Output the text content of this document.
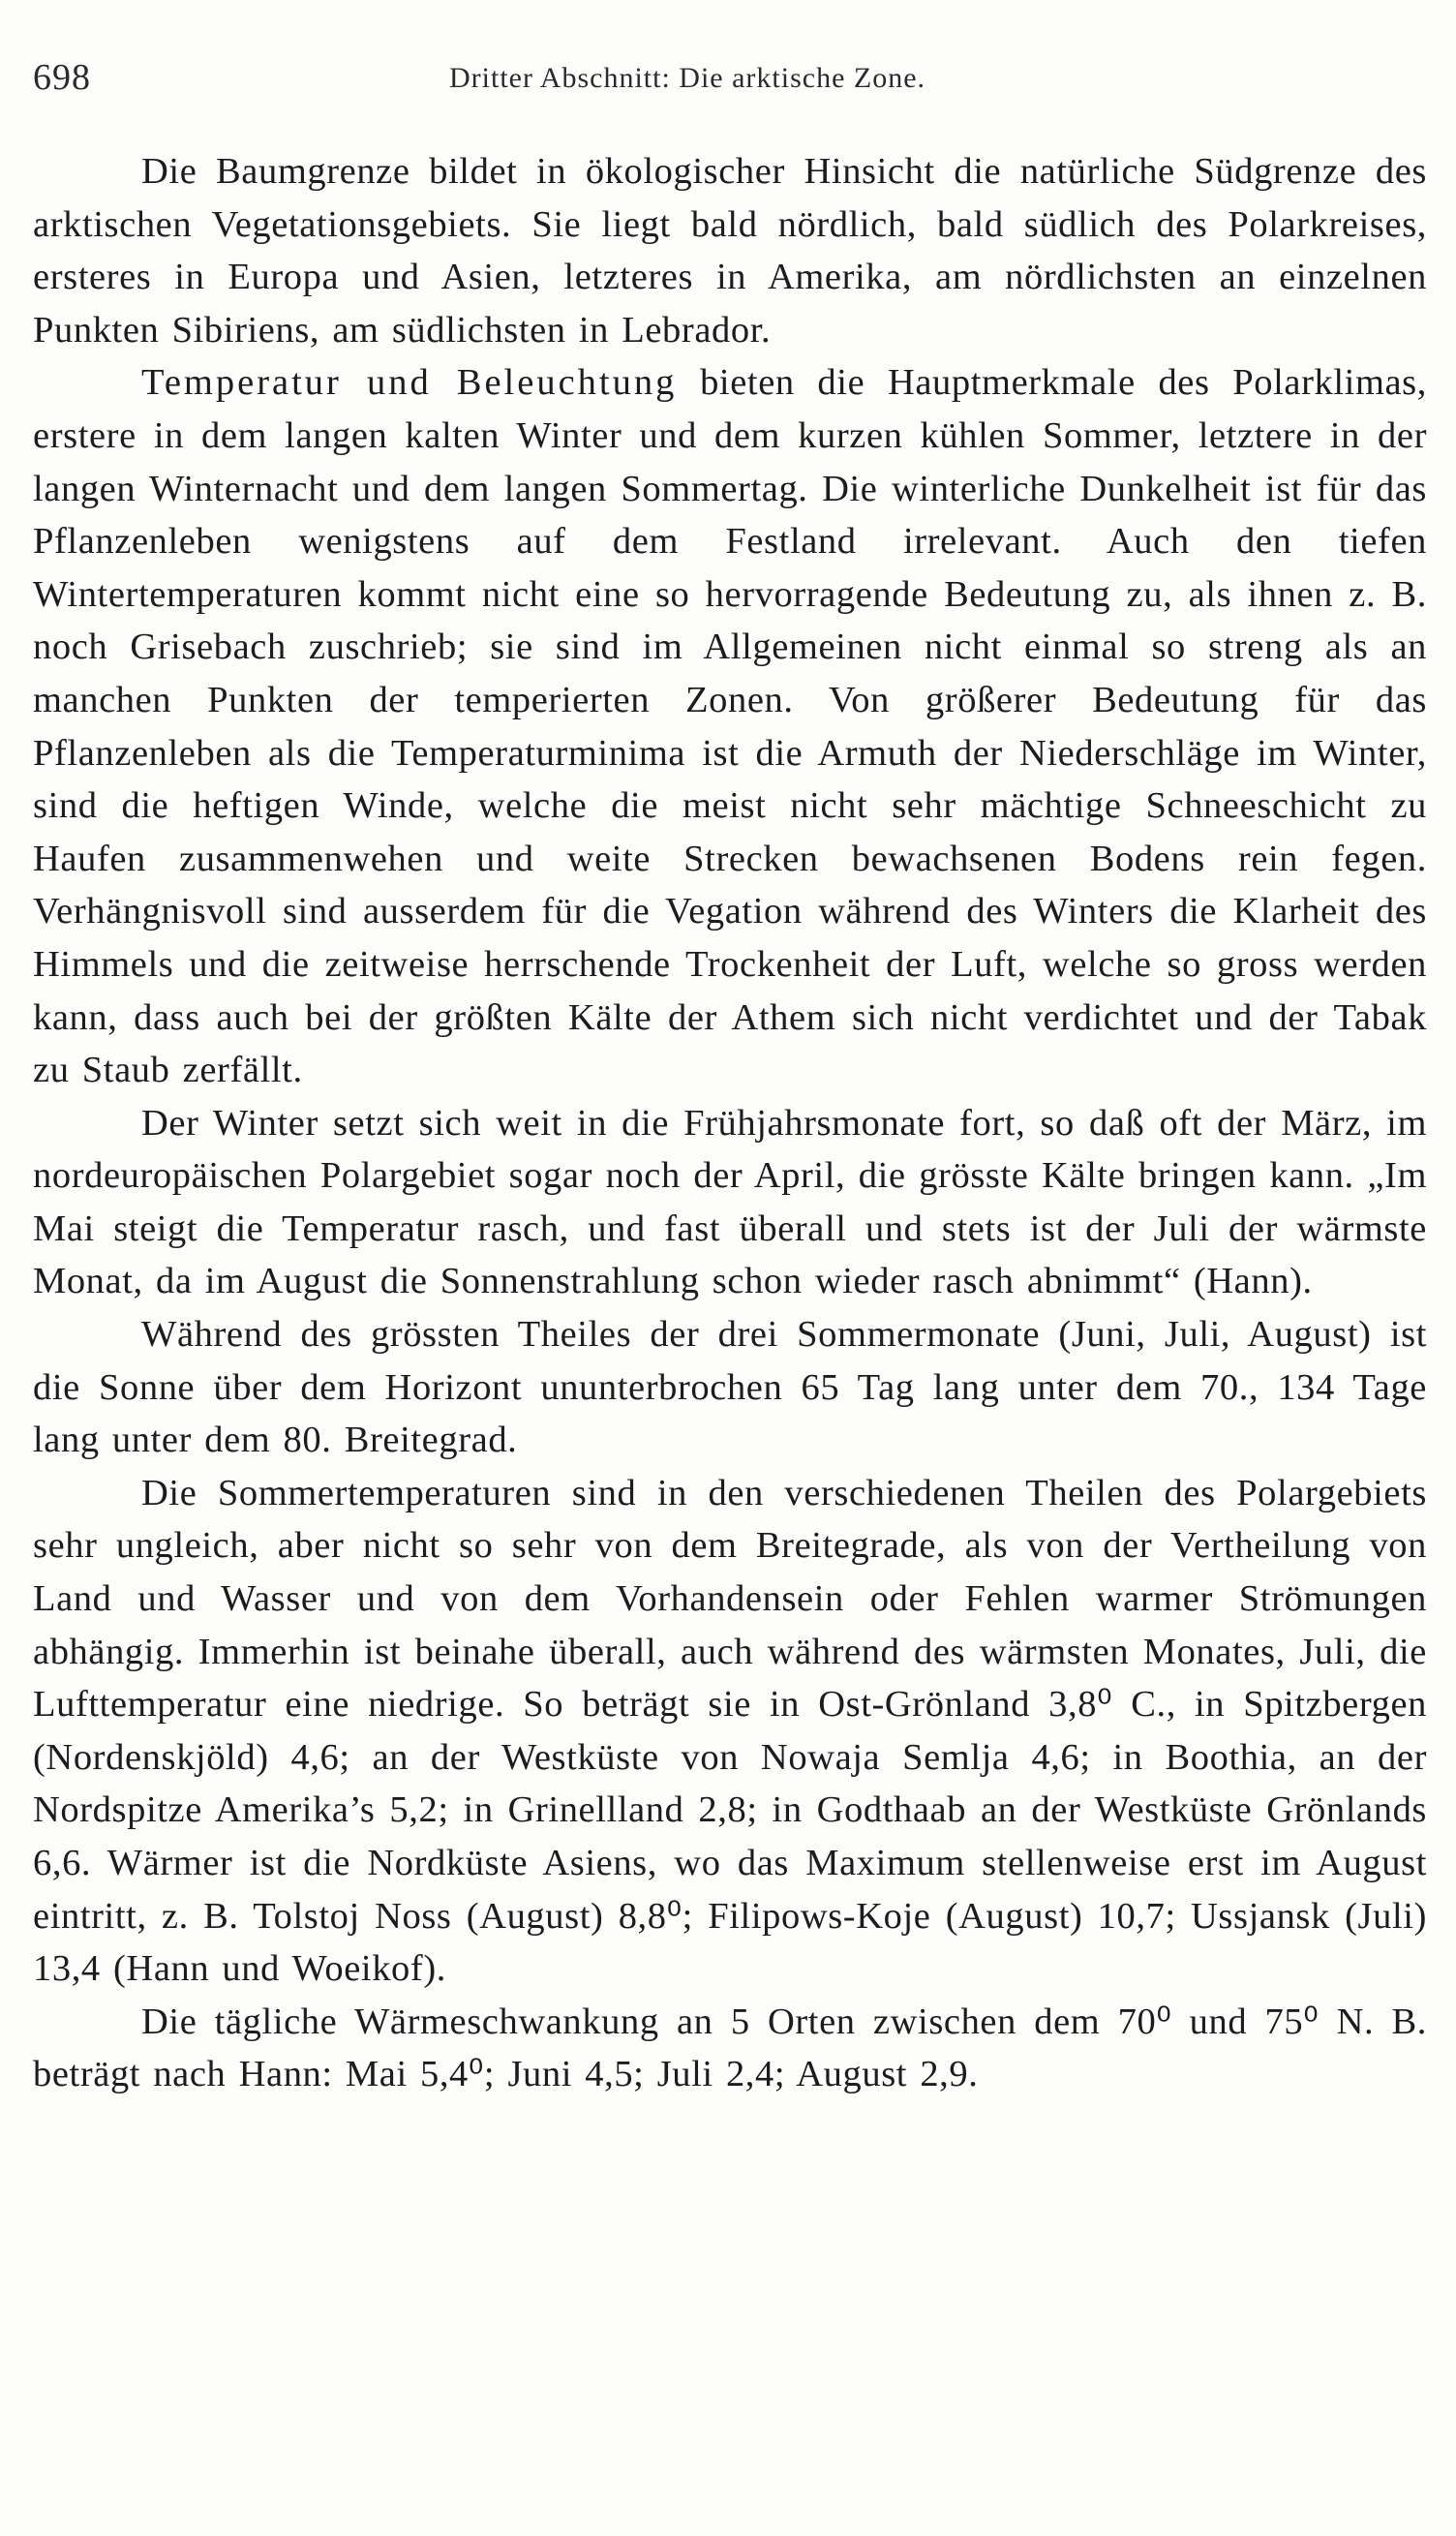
698	Dritter Abschnitt: Die arktische Zone.

Die Baumgrenze bildet in ökologischer Hinsicht die natürliche Südgrenze des arktischen Vegetationsgebiets. Sie liegt bald nördlich, bald südlich des Polarkreises, ersteres in Europa und Asien, letzteres in Amerika, am nördlichsten an einzelnen Punkten Sibiriens, am südlichsten in Lebrador.

Temperatur und Beleuchtung bieten die Hauptmerkmale des Polarklimas, erstere in dem langen kalten Winter und dem kurzen kühlen Sommer, letztere in der langen Winternacht und dem langen Sommertag. Die winterliche Dunkelheit ist für das Pflanzenleben wenigstens auf dem Festland irrelevant. Auch den tiefen Wintertemperaturen kommt nicht eine so hervorragende Bedeutung zu, als ihnen z. B. noch Grisebach zuschrieb; sie sind im Allgemeinen nicht einmal so streng als an manchen Punkten der temperierten Zonen. Von größerer Bedeutung für das Pflanzenleben als die Temperaturminima ist die Armuth der Niederschläge im Winter, sind die heftigen Winde, welche die meist nicht sehr mächtige Schneeschicht zu Haufen zusammenwehen und weite Strecken bewachsenen Bodens rein fegen. Verhängnisvoll sind ausserdem für die Vegation während des Winters die Klarheit des Himmels und die zeitweise herrschende Trockenheit der Luft, welche so gross werden kann, dass auch bei der größten Kälte der Athem sich nicht verdichtet und der Tabak zu Staub zerfällt.

Der Winter setzt sich weit in die Frühjahrsmonate fort, so daß oft der März, im nordeuropäischen Polargebiet sogar noch der April, die grösste Kälte bringen kann. „Im Mai steigt die Temperatur rasch, und fast überall und stets ist der Juli der wärmste Monat, da im August die Sonnenstrahlung schon wieder rasch abnimmt“ (Hann).

Während des grössten Theiles der drei Sommermonate (Juni, Juli, August) ist die Sonne über dem Horizont ununterbrochen 65 Tag lang unter dem 70., 134 Tage lang unter dem 80. Breitegrad.

Die Sommertemperaturen sind in den verschiedenen Theilen des Polargebiets sehr ungleich, aber nicht so sehr von dem Breitegrade, als von der Vertheilung von Land und Wasser und von dem Vorhandensein oder Fehlen warmer Strömungen abhängig. Immerhin ist beinahe überall, auch während des wärmsten Monates, Juli, die Lufttemperatur eine niedrige. So beträgt sie in Ost-Grönland 3,8⁰ C., in Spitzbergen (Nordenskjöld) 4,6; an der Westküste von Nowaja Semlja 4,6; in Boothia, an der Nordspitze Amerika’s 5,2; in Grinellland 2,8; in Godthaab an der Westküste Grönlands 6,6. Wärmer ist die Nordküste Asiens, wo das Maximum stellenweise erst im August eintritt, z. B. Tolstoj Noss (August) 8,8⁰; Filipows-Koje (August) 10,7; Ussjansk (Juli) 13,4 (Hann und Woeikof).

Die tägliche Wärmeschwankung an 5 Orten zwischen dem 70⁰ und 75⁰ N. B. beträgt nach Hann: Mai 5,4⁰; Juni 4,5; Juli 2,4; August 2,9.
